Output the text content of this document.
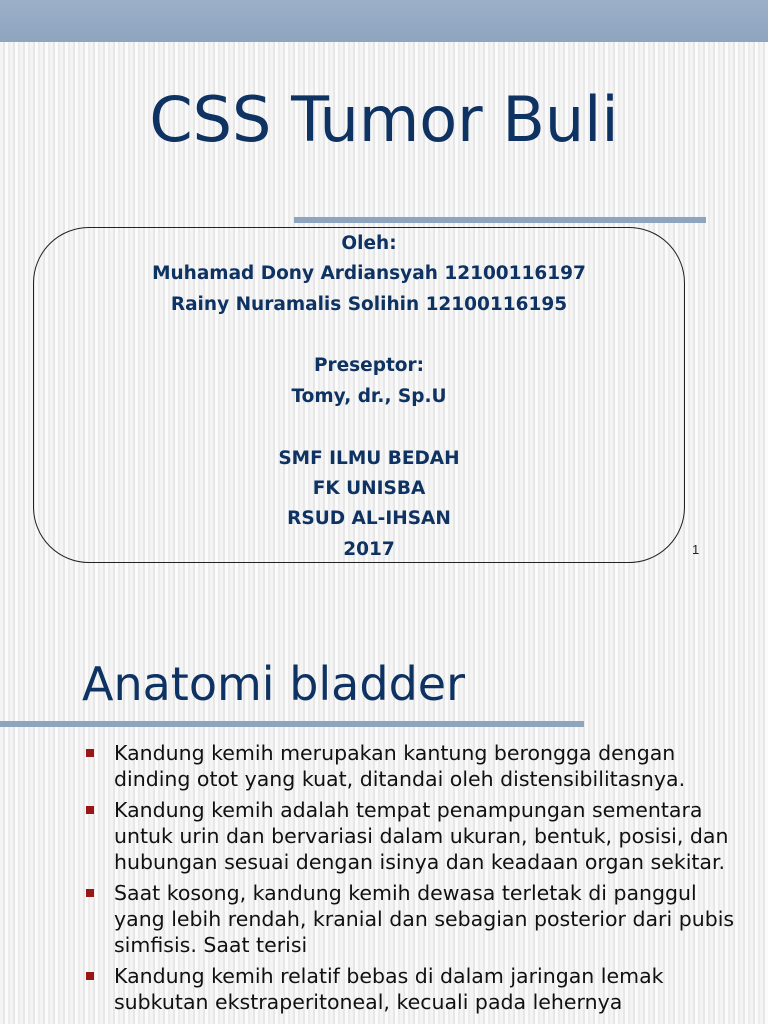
CSS Tumor Buli
Oleh:
Muhamad Dony Ardiansyah 12100116197
Rainy Nuramalis Solihin 12100116195
Preseptor:
Tomy, dr., Sp.U
SMF ILMU BEDAH
FK UNISBA
RSUD AL-IHSAN
2017	1
Anatomi bladder
Kandung kemih merupakan kantung berongga dengan dinding otot yang kuat, ditandai oleh distensibilitasnya.
Kandung kemih adalah tempat penampungan sementara untuk urin dan bervariasi dalam ukuran, bentuk, posisi, dan hubungan sesuai dengan isinya dan keadaan organ sekitar.
Saat kosong, kandung kemih dewasa terletak di panggul yang lebih rendah, kranial dan sebagian posterior dari pubis simfisis. Saat terisi
Kandung kemih relatif bebas di dalam jaringan lemak subkutan ekstraperitoneal, kecuali pada lehernya
